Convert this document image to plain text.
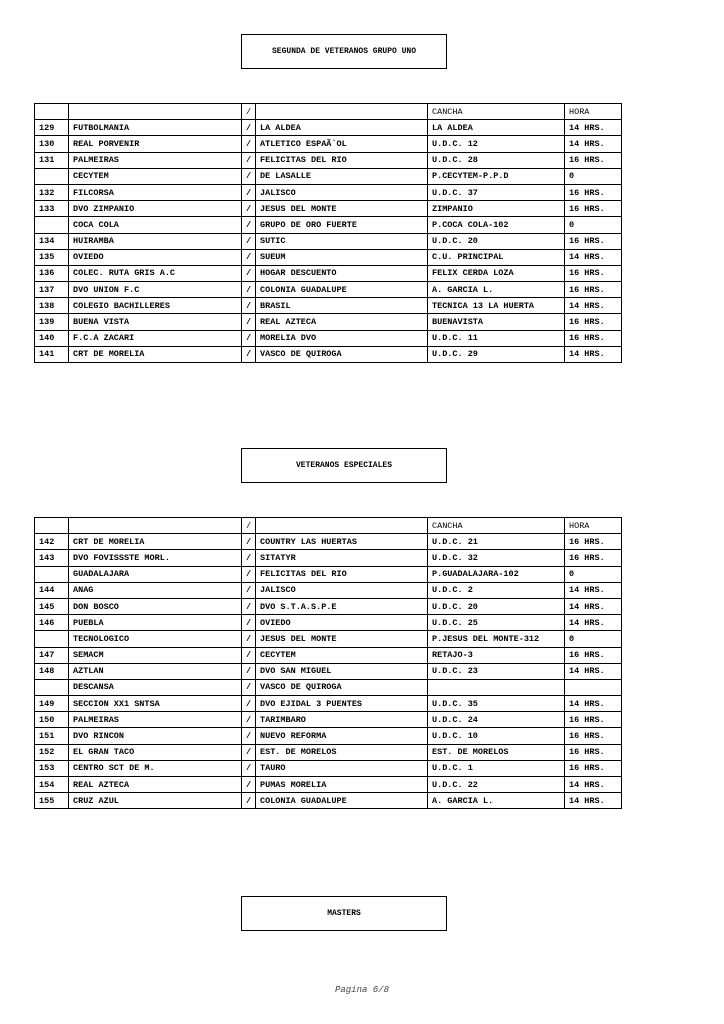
SEGUNDA DE VETERANOS GRUPO UNO
		/		CANCHA	HORA
129	FUTBOLMANIA	/	LA ALDEA	LA ALDEA	14 HRS.
130	REAL PORVENIR	/	ATLETICO ESPAÃ`OL	U.D.C. 12	14 HRS.
131	PALMEIRAS	/	FELICITAS DEL RIO	U.D.C. 28	16 HRS.
	CECYTEM	/	DE LASALLE	P.CECYTEM-P.P.D	0
132	FILCORSA	/	JALISCO	U.D.C. 37	16 HRS.
133	DVO ZIMPANIO	/	JESUS DEL MONTE	ZIMPANIO	16 HRS.
	COCA COLA	/	GRUPO DE ORO FUERTE	P.COCA COLA-102	0
134	HUIRAMBA	/	SUTIC	U.D.C. 20	16 HRS.
135	OVIEDO	/	SUEUM	C.U. PRINCIPAL	14 HRS.
136	COLEC. RUTA GRIS A.C	/	HOGAR DESCUENTO	FELIX CERDA LOZA	16 HRS.
137	DVO UNION F.C	/	COLONIA GUADALUPE	A. GARCIA L.	16 HRS.
138	COLEGIO BACHILLERES	/	BRASIL	TECNICA 13 LA HUERTA	14 HRS.
139	BUENA VISTA	/	REAL AZTECA	BUENAVISTA	16 HRS.
140	F.C.A ZACARI	/	MORELIA DVO	U.D.C. 11	16 HRS.
141	CRT DE MORELIA	/	VASCO DE QUIROGA	U.D.C. 29	14 HRS.
VETERANOS ESPECIALES
		/		CANCHA	HORA
142	CRT DE MORELIA	/	COUNTRY LAS HUERTAS	U.D.C. 21	16 HRS.
143	DVO FOVISSSTE MORL.	/	SITATYR	U.D.C. 32	16 HRS.
	GUADALAJARA	/	FELICITAS DEL RIO	P.GUADALAJARA-102	0
144	ANAG	/	JALISCO	U.D.C. 2	14 HRS.
145	DON BOSCO	/	DVO S.T.A.S.P.E	U.D.C. 20	14 HRS.
146	PUEBLA	/	OVIEDO	U.D.C. 25	14 HRS.
	TECNOLOGICO	/	JESUS DEL MONTE	P.JESUS DEL MONTE-312	0
147	SEMACM	/	CECYTEM	RETAJO-3	16 HRS.
148	AZTLAN	/	DVO SAN MIGUEL	U.D.C. 23	14 HRS.
	DESCANSA	/	VASCO DE QUIROGA		
149	SECCION XX1 SNTSA	/	DVO EJIDAL 3 PUENTES	U.D.C. 35	14 HRS.
150	PALMEIRAS	/	TARIMBARO	U.D.C. 24	16 HRS.
151	DVO RINCON	/	NUEVO REFORMA	U.D.C. 10	16 HRS.
152	EL GRAN TACO	/	EST. DE MORELOS	EST. DE MORELOS	16 HRS.
153	CENTRO SCT DE M.	/	TAURO	U.D.C. 1	16 HRS.
154	REAL AZTECA	/	PUMAS MORELIA	U.D.C. 22	14 HRS.
155	CRUZ AZUL	/	COLONIA GUADALUPE	A. GARCIA L.	14 HRS.
MASTERS
Pagina 6/8
